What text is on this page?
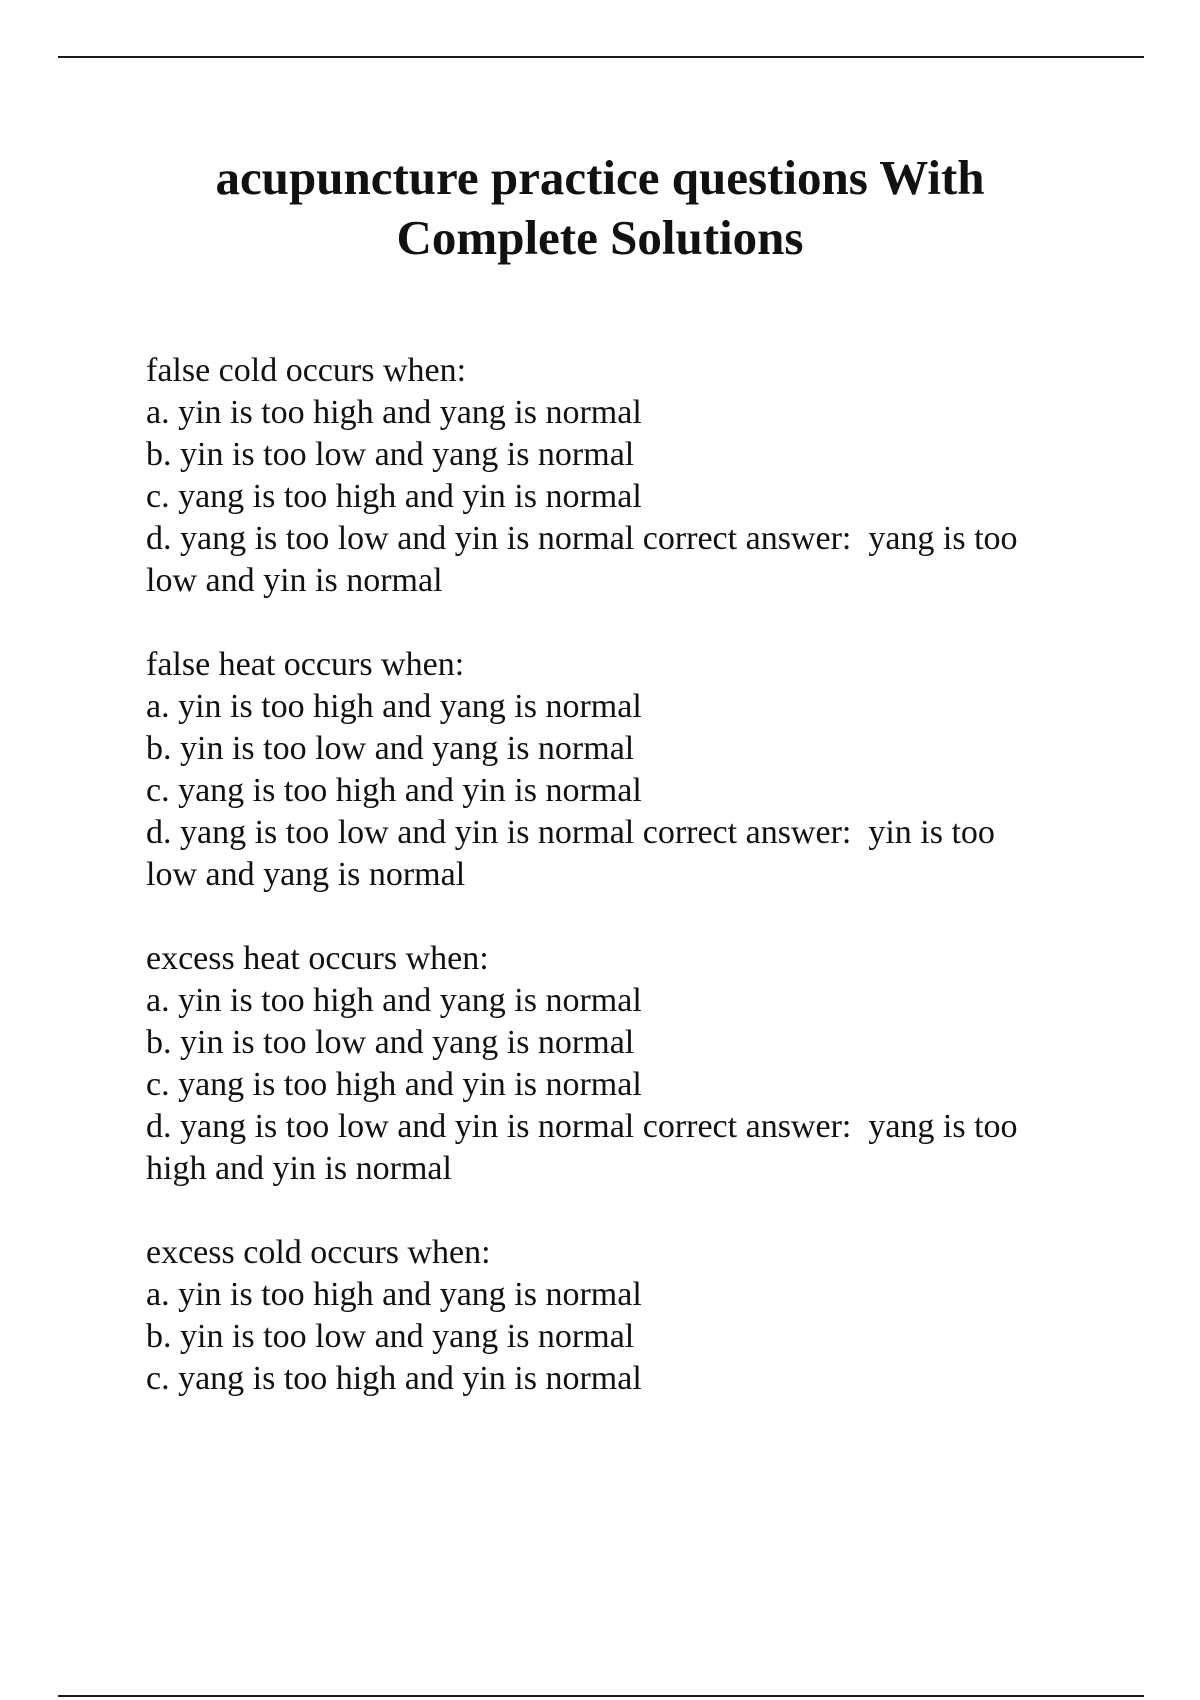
acupuncture practice questions With
Complete Solutions
false cold occurs when:
a. yin is too high and yang is normal
b. yin is too low and yang is normal
c. yang is too high and yin is normal
d. yang is too low and yin is normal correct answer:  yang is too
low and yin is normal
false heat occurs when:
a. yin is too high and yang is normal
b. yin is too low and yang is normal
c. yang is too high and yin is normal
d. yang is too low and yin is normal correct answer:  yin is too
low and yang is normal
excess heat occurs when:
a. yin is too high and yang is normal
b. yin is too low and yang is normal
c. yang is too high and yin is normal
d. yang is too low and yin is normal correct answer:  yang is too
high and yin is normal
excess cold occurs when:
a. yin is too high and yang is normal
b. yin is too low and yang is normal
c. yang is too high and yin is normal
